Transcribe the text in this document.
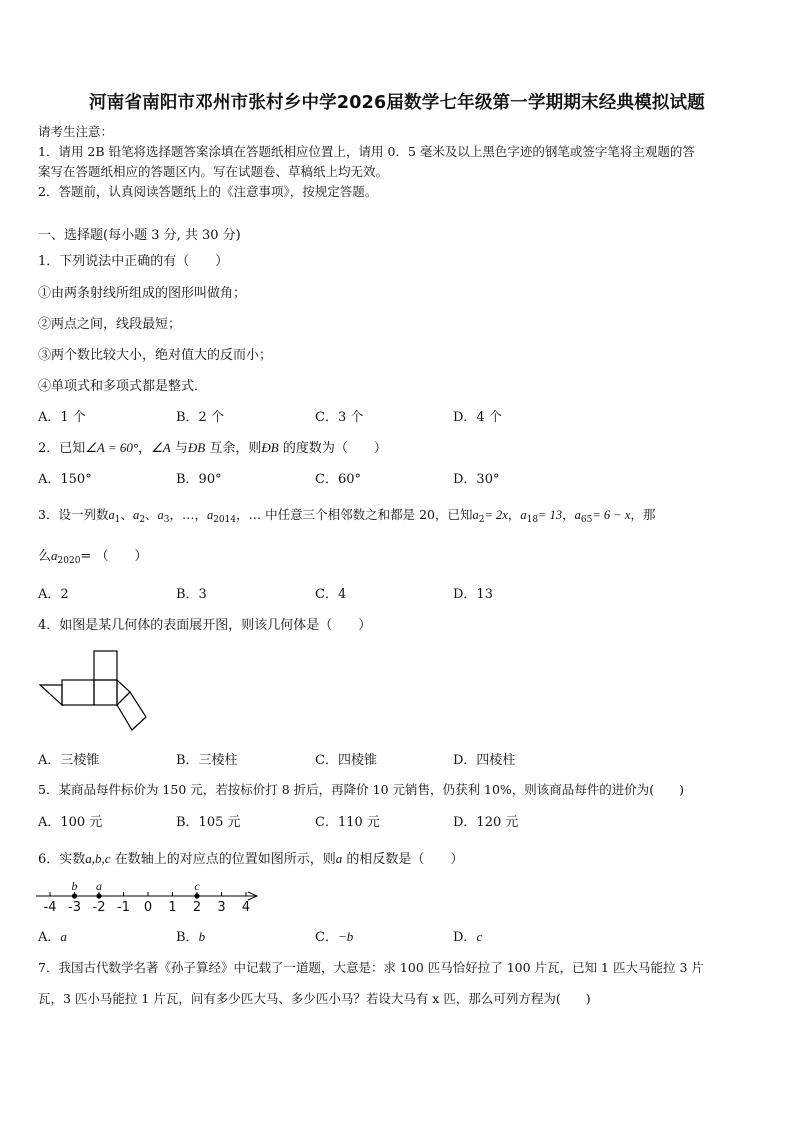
河南省南阳市邓州市张村乡中学2026届数学七年级第一学期期末经典模拟试题
请考生注意：
1．请用 2B 铅笔将选择题答案涂填在答题纸相应位置上，请用 0．5 毫米及以上黑色字迹的钢笔或签字笔将主观题的答
案写在答题纸相应的答题区内。写在试题卷、草稿纸上均无效。
2．答题前，认真阅读答题纸上的《注意事项》，按规定答题。
一、选择题(每小题 3 分, 共 30 分)
1．下列说法中正确的有（　　）
①由两条射线所组成的图形叫做角；
②两点之间，线段最短；
③两个数比较大小，绝对值大的反而小；
④单项式和多项式都是整式．
A．1 个	B．2 个	C．3 个	D．4 个
2．已知∠A = 60°，∠A 与ÐB 互余，则ÐB 的度数为（　　）
A．150°	B．90°	C．60°	D．30°
3．设一列数$a_1$、$a_2$、$a_3$，…，$a_{2014}$，… 中任意三个相邻数之和都是 20，已知$a_2= 2x$，$a_{18}= 13$，$a_{65}= 6 - x$，那
么$a_{2020}=$ （　　）
A．2	B．3	C．4	D．13
4．如图是某几何体的表面展开图，则该几何体是（　　）
A．三棱锥	B．三棱柱	C．四棱锥	D．四棱柱
5．某商品每件标价为 150 元，若按标价打 8 折后，再降价 10 元销售，仍获利 10%，则该商品每件的进价为(　　)
A．100 元	B．105 元	C．110 元	D．120 元
6．实数a,b,c 在数轴上的对应点的位置如图所示，则a 的相反数是（　　）
-4 -3 -2 -1 0 1 2 3 4
b a	c
A．a	B．b	C．−b	D．c
7．我国古代数学名著《孙子算经》中记载了一道题，大意是：求 100 匹马恰好拉了 100 片瓦，已知 1 匹大马能拉 3 片
瓦，3 匹小马能拉 1 片瓦，问有多少匹大马、多少匹小马？若设大马有 x 匹，那么可列方程为(　　)
